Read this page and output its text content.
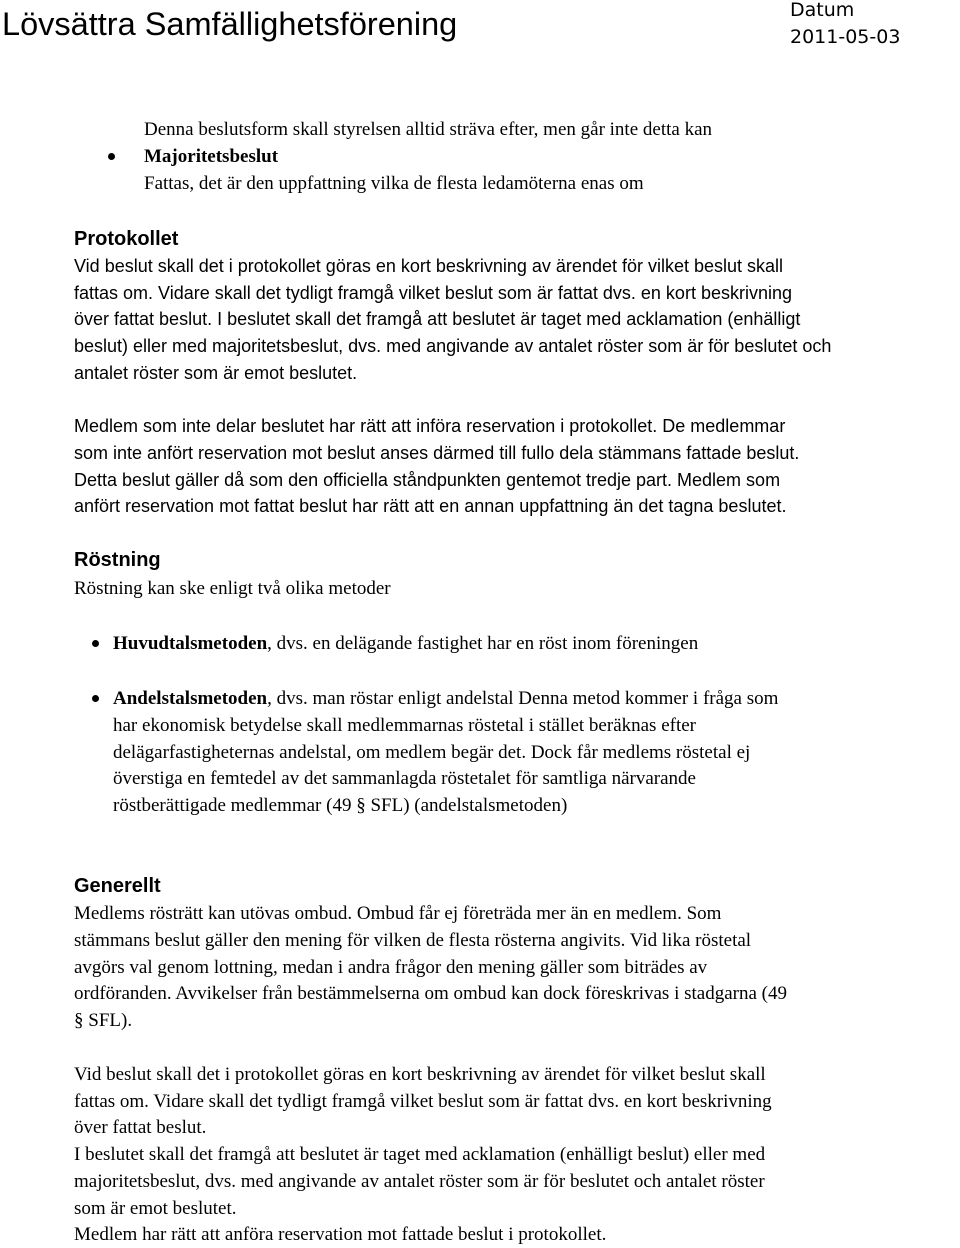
Lövsättra Samfällighetsförening	Datum
2011-05-03
Denna beslutsform skall styrelsen alltid sträva efter, men går inte detta kan
Majoritetsbeslut
Fattas, det är den uppfattning vilka de flesta ledamöterna enas om
Protokollet
Vid beslut skall det i protokollet göras en kort beskrivning av ärendet för vilket beslut skall
fattas om. Vidare skall det tydligt framgå vilket beslut som är fattat dvs. en kort beskrivning
över fattat beslut. I beslutet skall det framgå att beslutet är taget med acklamation (enhälligt
beslut) eller med majoritetsbeslut, dvs. med angivande av antalet röster som är för beslutet och
antalet röster som är emot beslutet.
Medlem som inte delar beslutet har rätt att införa reservation i protokollet. De medlemmar
som inte anfört reservation mot beslut anses därmed till fullo dela stämmans fattade beslut.
Detta beslut gäller då som den officiella ståndpunkten gentemot tredje part. Medlem som
anfört reservation mot fattat beslut har rätt att en annan uppfattning än det tagna beslutet.
Röstning
Röstning kan ske enligt två olika metoder
Huvudtalsmetoden, dvs. en delägande fastighet har en röst inom föreningen
Andelstalsmetoden, dvs. man röstar enligt andelstal Denna metod kommer i fråga som
har ekonomisk betydelse skall medlemmarnas röstetal i stället beräknas efter
delägarfastigheternas andelstal, om medlem begär det. Dock får medlems röstetal ej
överstiga en femtedel av det sammanlagda röstetalet för samtliga närvarande
röstberättigade medlemmar (49 § SFL) (andelstalsmetoden)
Generellt
Medlems rösträtt kan utövas ombud. Ombud får ej företräda mer än en medlem. Som
stämmans beslut gäller den mening för vilken de flesta rösterna angivits. Vid lika röstetal
avgörs val genom lottning, medan i andra frågor den mening gäller som biträdes av
ordföranden. Avvikelser från bestämmelserna om ombud kan dock föreskrivas i stadgarna (49
§ SFL).
Vid beslut skall det i protokollet göras en kort beskrivning av ärendet för vilket beslut skall
fattas om. Vidare skall det tydligt framgå vilket beslut som är fattat dvs. en kort beskrivning
över fattat beslut.
I beslutet skall det framgå att beslutet är taget med acklamation (enhälligt beslut) eller med
majoritetsbeslut, dvs. med angivande av antalet röster som är för beslutet och antalet röster
som är emot beslutet.
Medlem har rätt att anföra reservation mot fattade beslut i protokollet.
